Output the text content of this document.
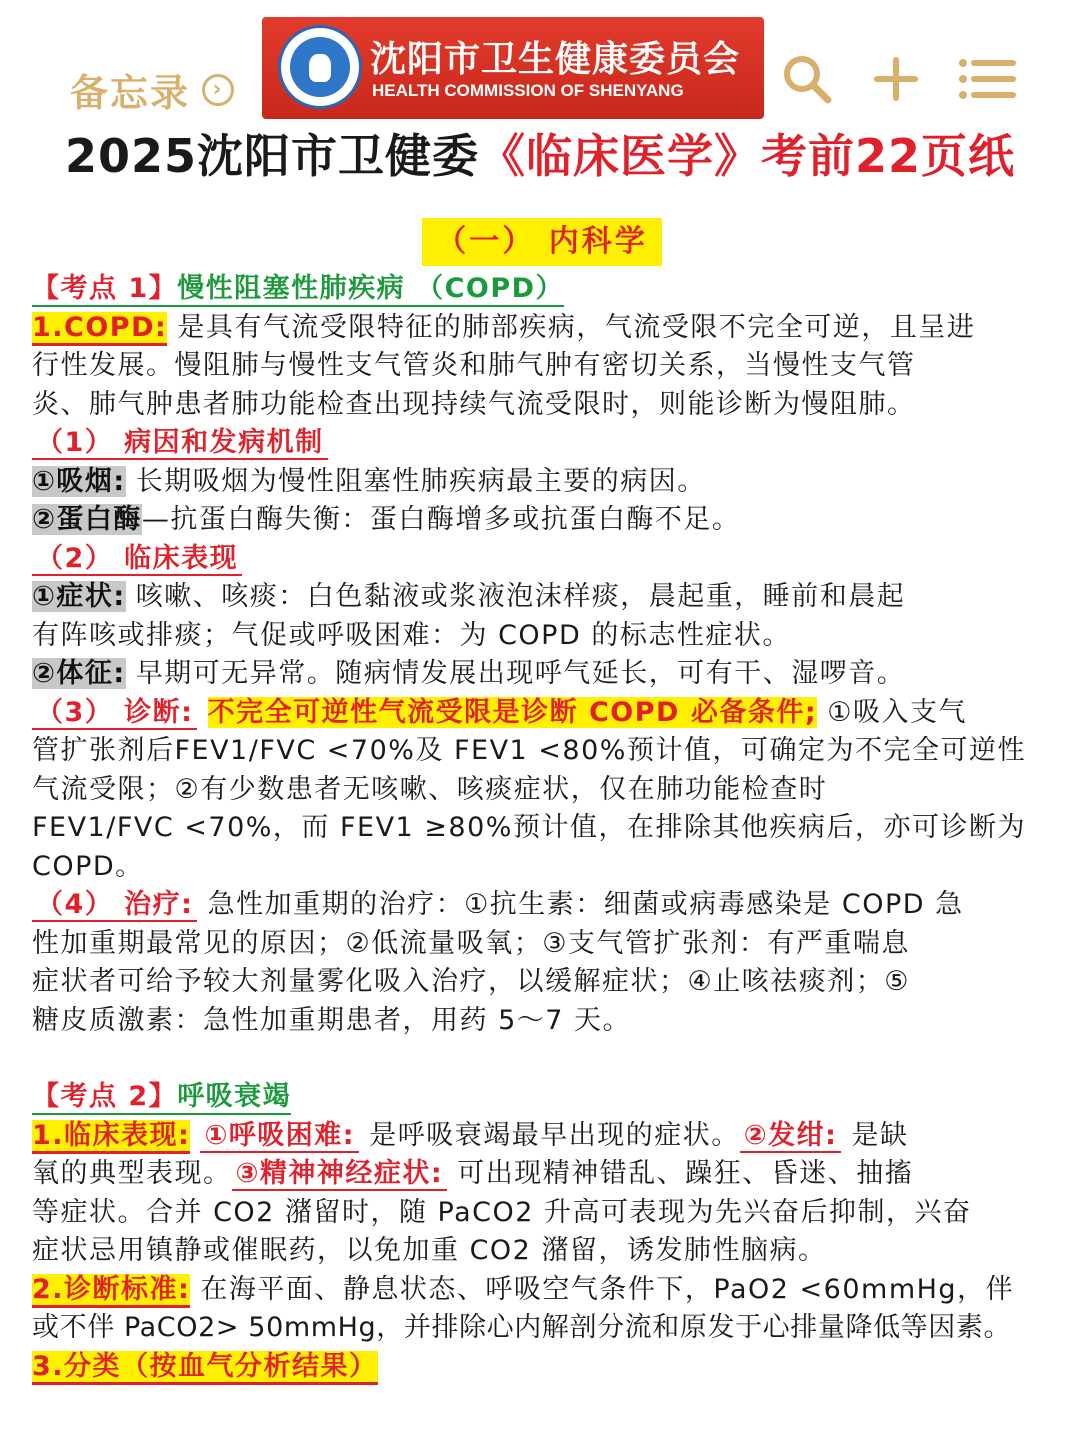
备忘录	›
沈阳市卫生健康委员会
HEALTH COMMISSION OF SHENYANG
2025沈阳市卫健委《临床医学》考前22页纸
（一） 内科学
【考点 1】慢性阻塞性肺疾病 （COPD）
1.COPD: 是具有气流受限特征的肺部疾病，气流受限不完全可逆，且呈进
行性发展。慢阻肺与慢性支气管炎和肺气肿有密切关系，当慢性支气管
炎、肺气肿患者肺功能检查出现持续气流受限时，则能诊断为慢阻肺。
（1） 病因和发病机制
①吸烟: 长期吸烟为慢性阻塞性肺疾病最主要的病因。
②蛋白酶—抗蛋白酶失衡：蛋白酶增多或抗蛋白酶不足。
（2） 临床表现
①症状: 咳嗽、咳痰：白色黏液或浆液泡沫样痰，晨起重，睡前和晨起
有阵咳或排痰；气促或呼吸困难：为 COPD 的标志性症状。
②体征: 早期可无异常。随病情发展出现呼气延长，可有干、湿啰音。
（3） 诊断: 不完全可逆性气流受限是诊断 COPD 必备条件; ①吸入支气
管扩张剂后FEV1/FVC <70%及 FEV1 <80%预计值，可确定为不完全可逆性
气流受限；②有少数患者无咳嗽、咳痰症状，仅在肺功能检查时
FEV1/FVC <70%，而 FEV1 ≥80%预计值，在排除其他疾病后，亦可诊断为
COPD。
（4） 治疗: 急性加重期的治疗：①抗生素：细菌或病毒感染是 COPD 急
性加重期最常见的原因；②低流量吸氧；③支气管扩张剂：有严重喘息
症状者可给予较大剂量雾化吸入治疗，以缓解症状；④止咳祛痰剂；⑤
糖皮质激素：急性加重期患者，用药 5～7 天。
【考点 2】呼吸衰竭
1.临床表现: ①呼吸困难: 是呼吸衰竭最早出现的症状。 ②发绀: 是缺
氧的典型表现。 ③精神神经症状: 可出现精神错乱、躁狂、昏迷、抽搐
等症状。合并 CO2 潴留时，随 PaCO2 升高可表现为先兴奋后抑制，兴奋
症状忌用镇静或催眠药，以免加重 CO2 潴留，诱发肺性脑病。
2.诊断标准: 在海平面、静息状态、呼吸空气条件下，PaO2 <60mmHg，伴
或不伴 PaCO2> 50mmHg，并排除心内解剖分流和原发于心排量降低等因素。
3.分类（按血气分析结果）
